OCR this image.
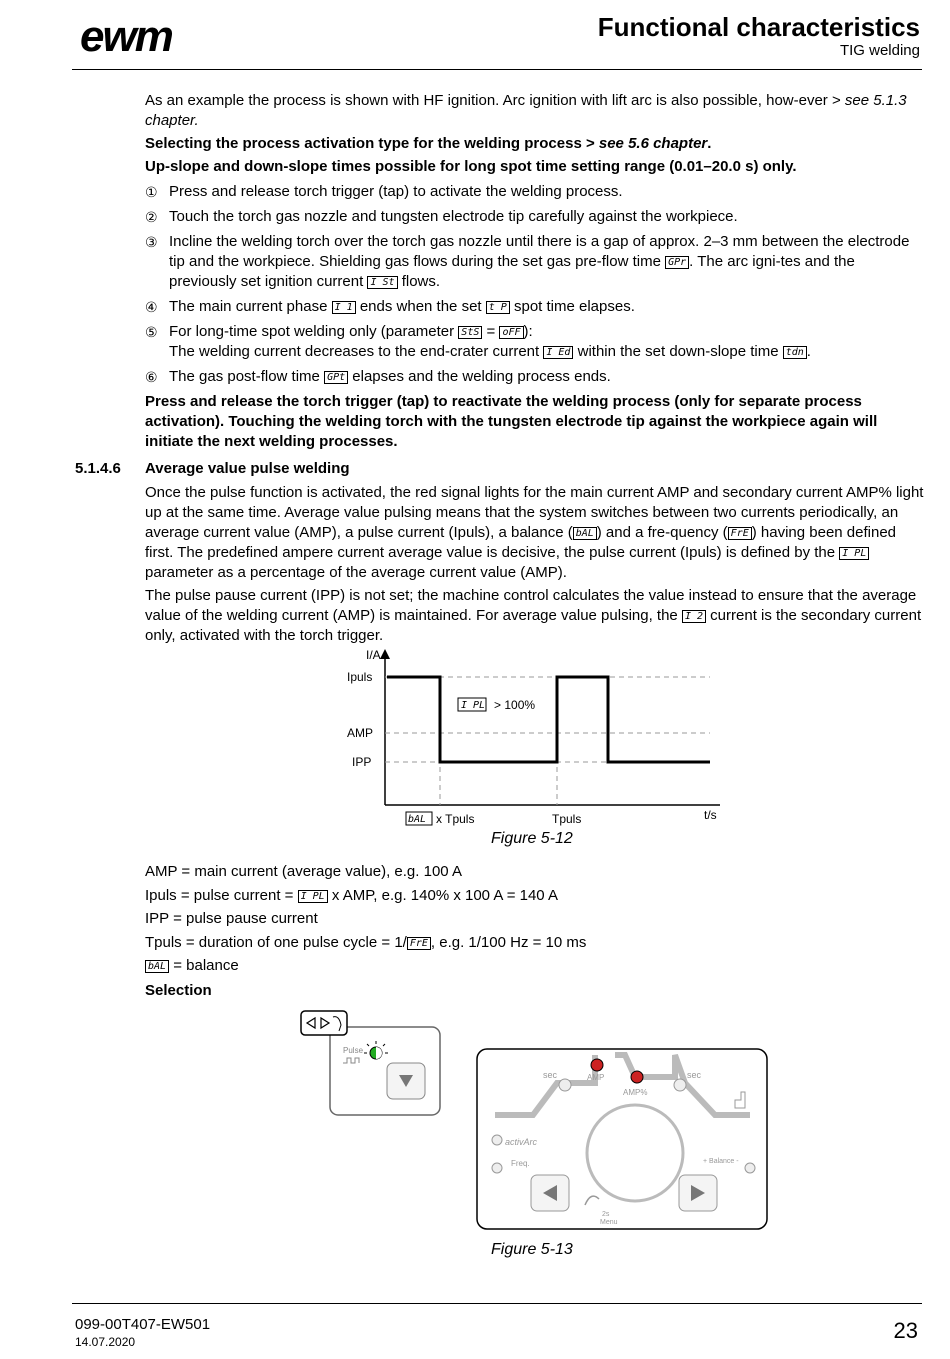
ewm	Functional characteristics
TIG welding

As an example the process is shown with HF ignition. Arc ignition with lift arc is also possible, how-ever > see 5.1.3 chapter.

Selecting the process activation type for the welding process > see 5.6 chapter.

Up-slope and down-slope times possible for long spot time setting range (0.01–20.0 s) only.

① Press and release torch trigger (tap) to activate the welding process.
② Touch the torch gas nozzle and tungsten electrode tip carefully against the workpiece.
③ Incline the welding torch over the torch gas nozzle until there is a gap of approx. 2–3 mm between the electrode tip and the workpiece. Shielding gas flows during the set gas pre-flow time GPr . The arc igni-tes and the previously set ignition current I St flows.
④ The main current phase I 1 ends when the set t P spot time elapses.
⑤ For long-time spot welding only (parameter StS = oFF ):
The welding current decreases to the end-crater current I Ed within the set down-slope time tdn .
⑥ The gas post-flow time GPt elapses and the welding process ends.

Press and release the torch trigger (tap) to reactivate the welding process (only for separate process activation). Touching the welding torch with the tungsten electrode tip against the workpiece again will initiate the next welding processes.

5.1.4.6 Average value pulse welding

Once the pulse function is activated, the red signal lights for the main current AMP and secondary current AMP% light up at the same time. Average value pulsing means that the system switches between two currents periodically, an average current value (AMP), a pulse current (Ipuls), a balance ( bAL ) and a fre-quency ( FrE ) having been defined first. The predefined ampere current average value is decisive, the pulse current (Ipuls) is defined by the I PL parameter as a percentage of the average current value (AMP).

The pulse pause current (IPP) is not set; the machine control calculates the value instead to ensure that the average value of the welding current (AMP) is maintained. For average value pulsing, the I 2 current is the secondary current only, activated with the torch trigger.

I/A
t/s
Ipuls
AMP
IPP
I PL > 100%
bAL x Tpuls	Tpuls
Figure 5-12
AMP = main current (average value), e.g. 100 A
Ipuls = pulse current = I PL x AMP, e.g. 140% x 100 A = 140 A
IPP = pulse pause current
Tpuls = duration of one pulse cycle = 1/ FrE , e.g. 1/100 Hz = 10 ms
bAL = balance
Selection
Pulse
sec	AMP
AMP%
sec
activArc
Freq.	+ Balance -
2s
Menu
Figure 5-13
099-00T407-EW501
14.07.2020	23
